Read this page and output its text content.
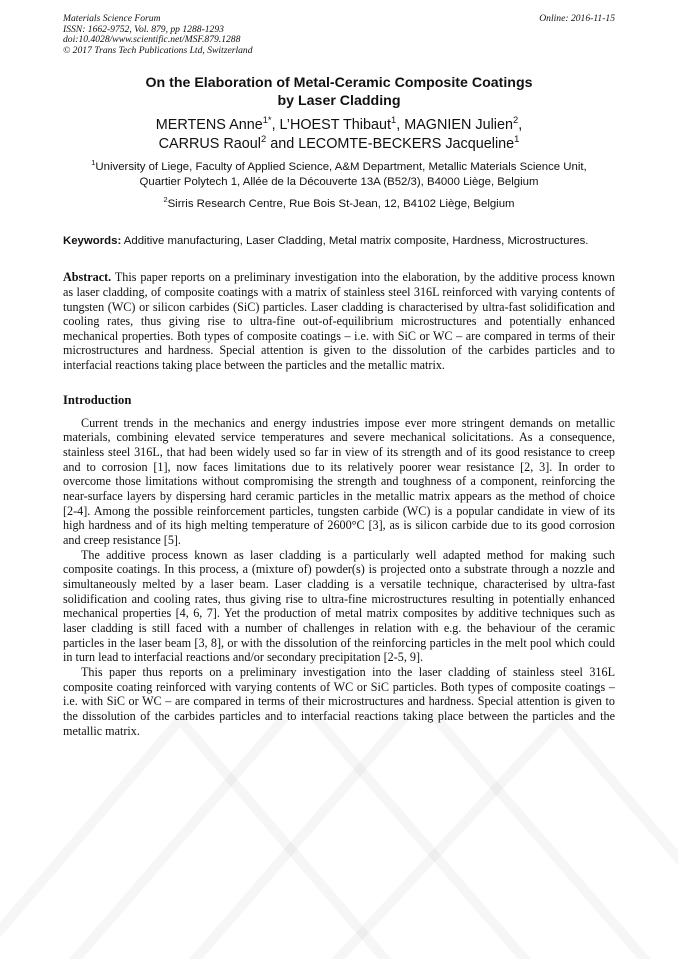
Materials Science Forum
ISSN: 1662-9752, Vol. 879, pp 1288-1293
doi:10.4028/www.scientific.net/MSF.879.1288
© 2017 Trans Tech Publications Ltd, Switzerland
Online: 2016-11-15
On the Elaboration of Metal-Ceramic Composite Coatings
by Laser Cladding
MERTENS Anne$^{1*}$, L’HOEST Thibaut$^1$, MAGNIEN Julien$^2$,
CARRUS Raoul$^2$ and LECOMTE-BECKERS Jacqueline$^1$
$^1$University of Liege, Faculty of Applied Science, A&M Department, Metallic Materials Science Unit,
Quartier Polytech 1, Allée de la Découverte 13A (B52/3), B4000 Liège, Belgium
$^2$Sirris Research Centre, Rue Bois St-Jean, 12, B4102 Liège, Belgium
Keywords: Additive manufacturing, Laser Cladding, Metal matrix composite, Hardness, Microstructures.
Abstract. This paper reports on a preliminary investigation into the elaboration, by the additive process known as laser cladding, of composite coatings with a matrix of stainless steel 316L reinforced with varying contents of tungsten (WC) or silicon carbides (SiC) particles. Laser cladding is characterised by ultra-fast solidification and cooling rates, thus giving rise to ultra-fine out-of-equilibrium microstructures and potentially enhanced mechanical properties. Both types of composite coatings – i.e. with SiC or WC – are compared in terms of their microstructures and hardness. Special attention is given to the dissolution of the carbides particles and to interfacial reactions taking place between the particles and the metallic matrix.
Introduction

Current trends in the mechanics and energy industries impose ever more stringent demands on metallic materials, combining elevated service temperatures and severe mechanical solicitations. As a consequence, stainless steel 316L, that had been widely used so far in view of its strength and of its good resistance to creep and to corrosion [1], now faces limitations due to its relatively poorer wear resistance [2, 3]. In order to overcome those limitations without compromising the strength and toughness of a component, reinforcing the near-surface layers by dispersing hard ceramic particles in the metallic matrix appears as the method of choice [2-4]. Among the possible reinforcement particles, tungsten carbide (WC) is a popular candidate in view of its high hardness and of its high melting temperature of 2600°C [3], as is silicon carbide due to its good corrosion and creep resistance [5].

The additive process known as laser cladding is a particularly well adapted method for making such composite coatings. In this process, a (mixture of) powder(s) is projected onto a substrate through a nozzle and simultaneously melted by a laser beam. Laser cladding is a versatile technique, characterised by ultra-fast solidification and cooling rates, thus giving rise to ultra-fine microstructures resulting in potentially enhanced mechanical properties [4, 6, 7]. Yet the production of metal matrix composites by additive techniques such as laser cladding is still faced with a number of challenges in relation with e.g. the behaviour of the ceramic particles in the laser beam [3, 8], or with the dissolution of the reinforcing particles in the melt pool which could in turn lead to interfacial reactions and/or secondary precipitation [2-5, 9].

This paper thus reports on a preliminary investigation into the laser cladding of stainless steel 316L composite coating reinforced with varying contents of WC or SiC particles. Both types of composite coatings – i.e. with SiC or WC – are compared in terms of their microstructures and hardness. Special attention is given to the dissolution of the carbides particles and to interfacial reactions taking place between the particles and the metallic matrix.
